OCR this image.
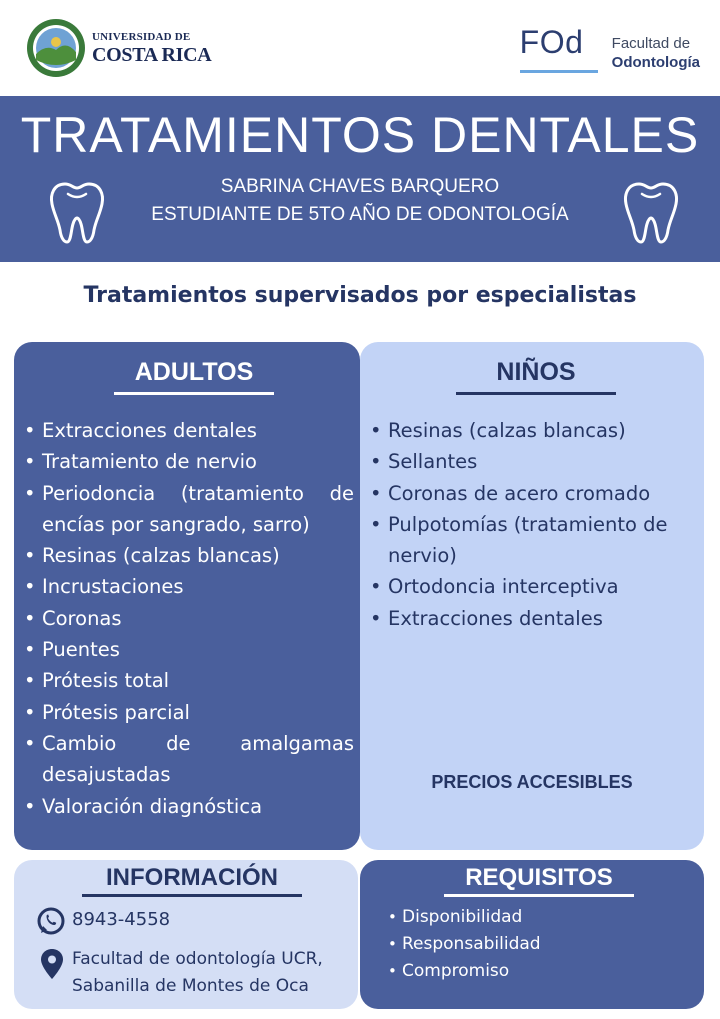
UNIVERSIDAD DE
COSTA RICA	FOd	Facultad de
Odontología
TRATAMIENTOS DENTALES
SABRINA CHAVES BARQUERO
ESTUDIANTE DE 5TO AÑO DE ODONTOLOGÍA
Tratamientos supervisados por especialistas
ADULTOS
• Extracciones dentales
• Tratamiento de nervio
• Periodoncia (tratamiento de encías por sangrado, sarro)
• Resinas (calzas blancas)
• Incrustaciones
• Coronas
• Puentes
• Prótesis total
• Prótesis parcial
• Cambio de amalgamas desajustadas
• Valoración diagnóstica
NIÑOS
• Resinas (calzas blancas)
• Sellantes
• Coronas de acero cromado
• Pulpotomías (tratamiento de nervio)
• Ortodoncia interceptiva
• Extracciones dentales
PRECIOS ACCESIBLES
INFORMACIÓN
8943-4558
Facultad de odontología UCR,
Sabanilla de Montes de Oca
REQUISITOS
• Disponibilidad
• Responsabilidad
• Compromiso
